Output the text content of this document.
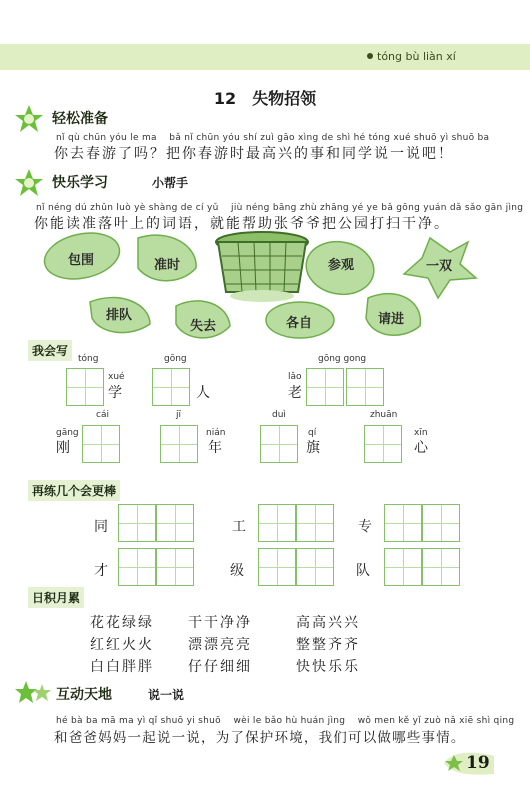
tóng bù liàn xí
12　失物招领
轻松准备
nǐ qù chūn yóu le ma　 bǎ nǐ chūn yóu shí zuì gāo xìng de shì hé tóng xué shuō yì shuō ba
你去春游了吗？把你春游时最高兴的事和同学说一说吧！
快乐学习	小帮手
nǐ néng dú zhǔn luò yè shàng de cí yǔ　 jiù néng bāng zhù zhāng yé ye bǎ gōng yuán dǎ sǎo gān jìng
你能读准落叶上的词语，就能帮助张爷爷把公园打扫干净。
包围	准时	参观	一双
排队
失去	各自	请进
我会写
tóng
xué
学
gōng
人
gōng gong
lǎo
老
gāng
刚
cái	jī
nián
年
duì
qí
旗
zhuān
xīn
心
再练几个会更棒
同	工	专
才	级	队
日积月累
花花绿绿 干干净净	高高兴兴
红红火火 漂漂亮亮	整整齐齐
白白胖胖 仔仔细细	快快乐乐
互动天地	说一说
hé bà ba mā ma yì qǐ shuō yi shuō　 wèi le bǎo hù huán jìng　 wǒ men kě yǐ zuò nǎ xiē shì qing
和爸爸妈妈一起说一说，为了保护环境，我们可以做哪些事情。
19
